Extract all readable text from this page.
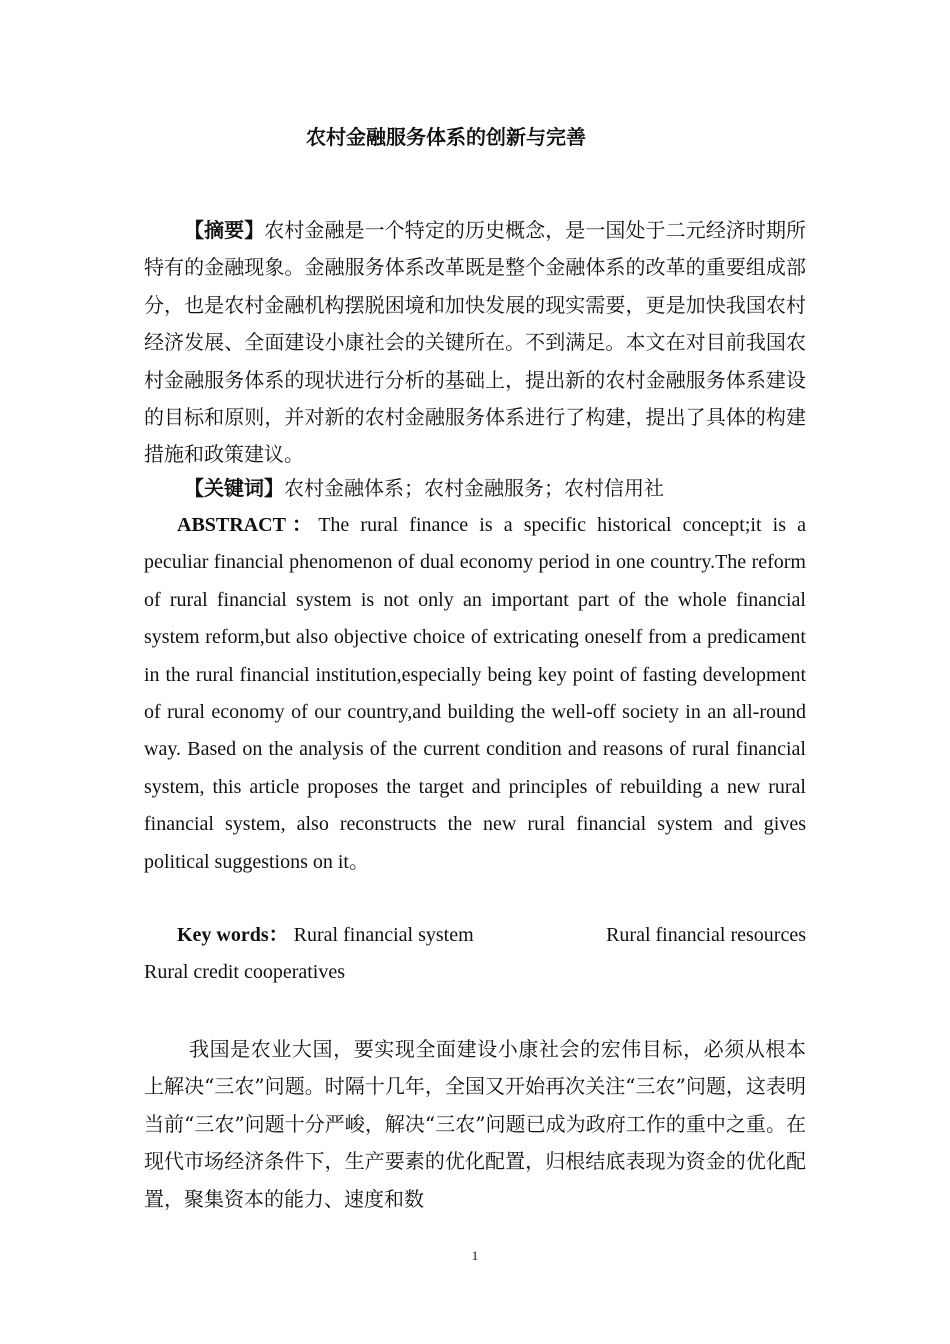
农村金融服务体系的创新与完善

【摘要】农村金融是一个特定的历史概念，是一国处于二元经济时期所特有的金融现象。金融服务体系改革既是整个金融体系的改革的重要组成部分，也是农村金融机构摆脱困境和加快发展的现实需要，更是加快我国农村经济发展、全面建设小康社会的关键所在。不到满足。本文在对目前我国农村金融服务体系的现状进行分析的基础上，提出新的农村金融服务体系建设的目标和原则，并对新的农村金融服务体系进行了构建，提出了具体的构建措施和政策建议。

【关键词】农村金融体系；农村金融服务；农村信用社

ABSTRACT：The rural finance is a specific historical concept;it is a peculiar financial phenomenon of dual economy period in one country.The reform of rural financial system is not only an important part of the whole financial system reform,but also objective choice of extricating oneself from a predicament in the rural financial institution,especially being key point of fasting development of rural economy of our country,and building the well-off society in an all-round way. Based on the analysis of the current condition and reasons of rural financial system, this article proposes the target and principles of rebuilding a new rural financial system, also reconstructs the new rural financial system and gives political suggestions on it。

Key words： Rural financial system	Rural financial resources
Rural credit cooperatives

我国是农业大国，要实现全面建设小康社会的宏伟目标，必须从根本上解决“三农”问题。时隔十几年，全国又开始再次关注“三农”问题，这表明当前“三农”问题十分严峻，解决“三农”问题已成为政府工作的重中之重。在现代市场经济条件下，生产要素的优化配置，归根结底表现为资金的优化配置，聚集资本的能力、速度和数

1
